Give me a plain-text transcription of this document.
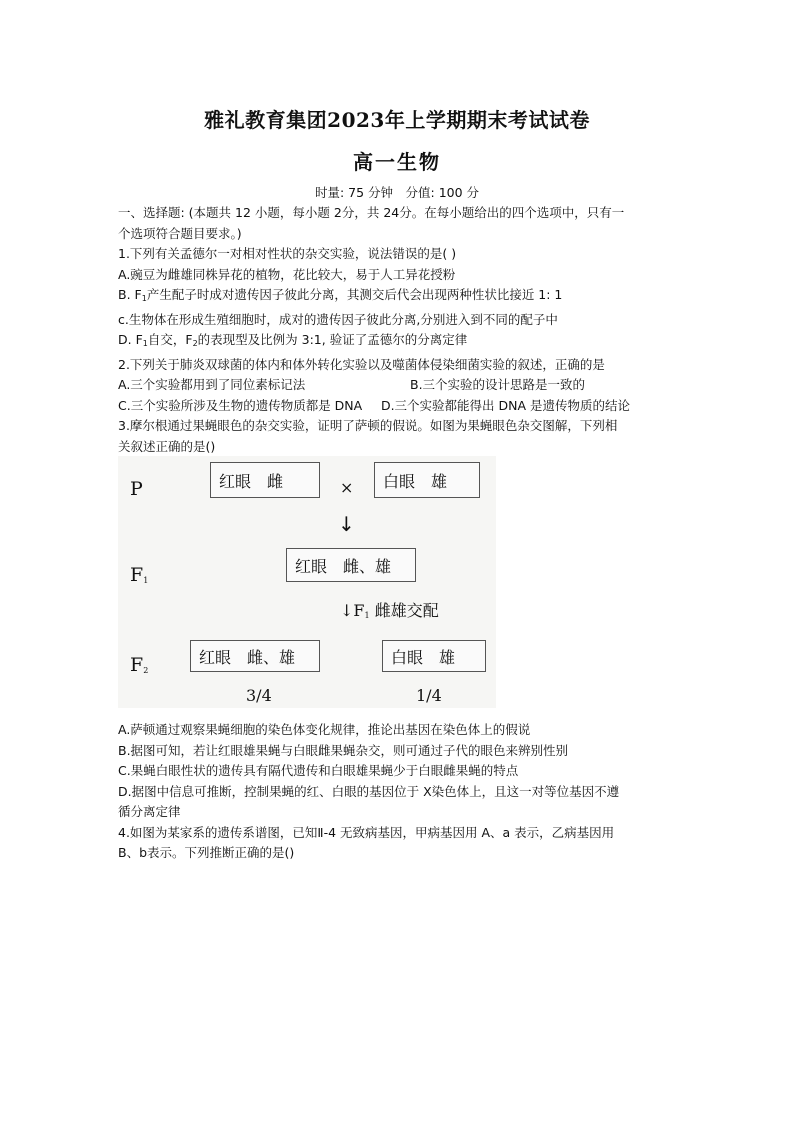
雅礼教育集团2023年上学期期末考试试卷
高一生物
时量: 75 分钟　分值: 100 分
一、选择题: (本题共 12 小题，每小题 2分，共 24分。在每小题给出的四个选项中，只有一
个选项符合题目要求。)
1.下列有关孟德尔一对相对性状的杂交实验，说法错误的是( )
A.豌豆为雌雄同株异花的植物，花比较大，易于人工异花授粉
B. $F_1$产生配子时成对遗传因子彼此分离，其测交后代会出现两种性状比接近 1: 1
c.生物体在形成生殖细胞时，成对的遗传因子彼此分离,分别进入到不同的配子中
D. $F_1$自交，$F_2$的表现型及比例为 3:1, 验证了孟德尔的分离定律
2.下列关于肺炎双球菌的体内和体外转化实验以及噬菌体侵染细菌实验的叙述，正确的是
A.三个实验都用到了同位素标记法	B.三个实验的设计思路是一致的
C.三个实验所涉及生物的遗传物质都是 DNA   D.三个实验都能得出 DNA 是遗传物质的结论
3.摩尔根通过果蝇眼色的杂交实验，证明了萨顿的假说。如图为果蝇眼色杂交图解，下列相
关叙述正确的是()
P	红眼　雌	×	白眼　雄
↓
$F_1$
红眼　雌、雄
$↓F_1$ 雌雄交配
$F_2$
红眼　雌、雄	白眼　雄
3/4	1/4
A.萨顿通过观察果蝇细胞的染色体变化规律，推论出基因在染色体上的假说
B.据图可知，若让红眼雄果蝇与白眼雌果蝇杂交，则可通过子代的眼色来辨别性别
C.果蝇白眼性状的遗传具有隔代遗传和白眼雄果蝇少于白眼雌果蝇的特点
D.据图中信息可推断，控制果蝇的红、白眼的基因位于 X染色体上，且这一对等位基因不遵
循分离定律
4.如图为某家系的遗传系谱图，已知Ⅱ-4 无致病基因，甲病基因用 A、a 表示，乙病基因用
B、b表示。下列推断正确的是()
